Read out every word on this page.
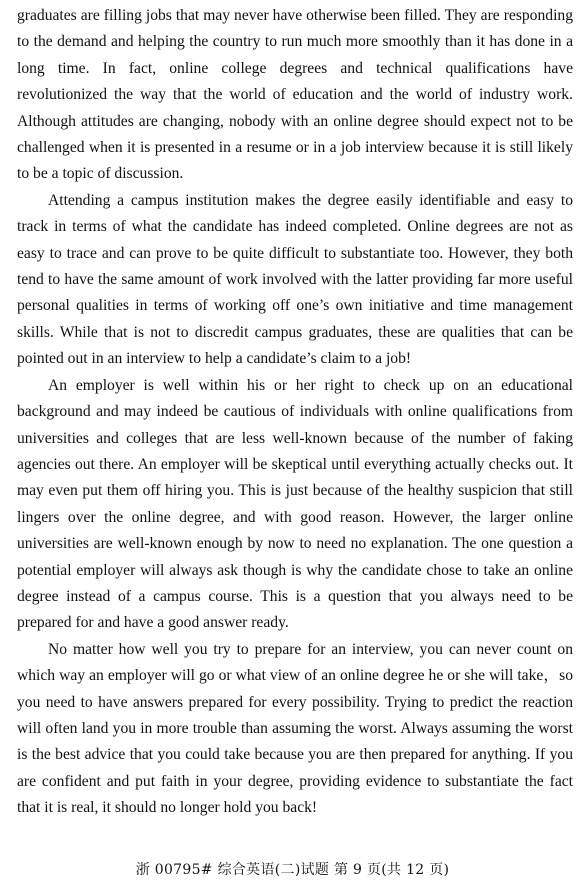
graduates are filling jobs that may never have otherwise been filled. They are responding to the demand and helping the country to run much more smoothly than it has done in a long time. In fact, online college degrees and technical qualifications have revolutionized the way that the world of education and the world of industry work. Although attitudes are changing, nobody with an online degree should expect not to be challenged when it is presented in a resume or in a job interview because it is still likely to be a topic of discussion.

Attending a campus institution makes the degree easily identifiable and easy to track in terms of what the candidate has indeed completed. Online degrees are not as easy to trace and can prove to be quite difficult to substantiate too. However, they both tend to have the same amount of work involved with the latter providing far more useful personal qualities in terms of working off one’s own initiative and time management skills. While that is not to discredit campus graduates, these are qualities that can be pointed out in an interview to help a candidate’s claim to a job!

An employer is well within his or her right to check up on an educational background and may indeed be cautious of individuals with online qualifications from universities and colleges that are less well-known because of the number of faking agencies out there. An employer will be skeptical until everything actually checks out. It may even put them off hiring you. This is just because of the healthy suspicion that still lingers over the online degree, and with good reason. However, the larger online universities are well-known enough by now to need no explanation. The one question a potential employer will always ask though is why the candidate chose to take an online degree instead of a campus course. This is a question that you always need to be prepared for and have a good answer ready.

No matter how well you try to prepare for an interview, you can never count on which way an employer will go or what view of an online degree he or she will take，so you need to have answers prepared for every possibility. Trying to predict the reaction will often land you in more trouble than assuming the worst. Always assuming the worst is the best advice that you could take because you are then prepared for anything. If you are confident and put faith in your degree, providing evidence to substantiate the fact that it is real, it should no longer hold you back!

浙 00795# 综合英语(二)试题 第 9 页(共 12 页)
